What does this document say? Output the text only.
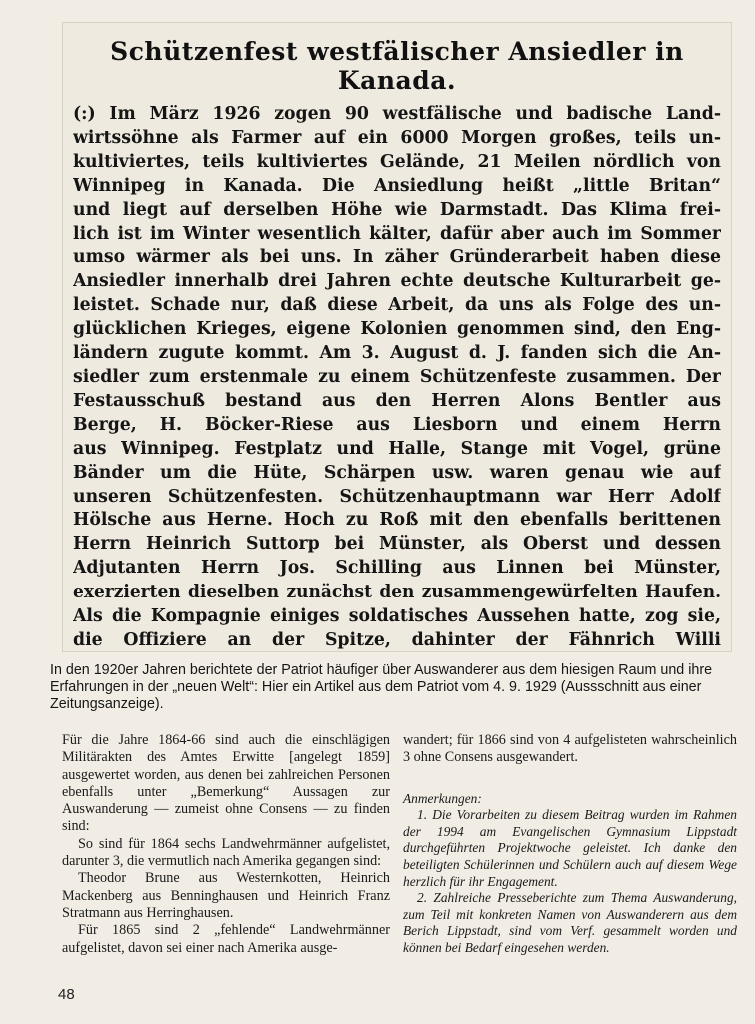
Schützenfest westfälischer Ansiedler in Kanada.
(:) Im März 1926 zogen 90 westfälische und badische Land-
wirtssöhne als Farmer auf ein 6000 Morgen großes, teils un-
kultiviertes, teils kultiviertes Gelände, 21 Meilen nördlich von
Winnipeg in Kanada. Die Ansiedlung heißt „little Britan“
und liegt auf derselben Höhe wie Darmstadt. Das Klima frei-
lich ist im Winter wesentlich kälter, dafür aber auch im Sommer
umso wärmer als bei uns. In zäher Gründerarbeit haben diese
Ansiedler innerhalb drei Jahren echte deutsche Kulturarbeit ge-
leistet. Schade nur, daß diese Arbeit, da uns als Folge des un-
glücklichen Krieges, eigene Kolonien genommen sind, den Eng-
ländern zugute kommt. Am 3. August d. J. fanden sich die An-
siedler zum erstenmale zu einem Schützenfeste zusammen. Der
Festausschuß bestand aus den Herren Alons Bentler aus
Berge, H. Böcker-Riese aus Liesborn und einem Herrn
aus Winnipeg. Festplatz und Halle, Stange mit Vogel, grüne
Bänder um die Hüte, Schärpen usw. waren genau wie auf
unseren Schützenfesten. Schützenhauptmann war Herr Adolf
Hölsche aus Herne. Hoch zu Roß mit den ebenfalls berittenen
Herrn Heinrich Suttorp bei Münster, als Oberst und dessen
Adjutanten Herrn Jos. Schilling aus Linnen bei Münster,
exerzierten dieselben zunächst den zusammengewürfelten Haufen.
Als die Kompagnie einiges soldatisches Aussehen hatte, zog sie,
die Offiziere an der Spitze, dahinter der Fähnrich Willi
In den 1920er Jahren berichtete der Patriot häufiger über Auswanderer aus dem hiesigen Raum und ihre Erfahrungen in der „neuen Welt“: Hier ein Artikel aus dem Patriot vom 4. 9. 1929 (Aussschnitt aus einer Zeitungsanzeige).

Für die Jahre 1864-66 sind auch die einschlägigen Militärakten des Amtes Erwitte [angelegt 1859] ausgewertet worden, aus denen bei zahlreichen Personen ebenfalls unter „Bemerkung“ Aussagen zur Auswanderung — zumeist ohne Consens — zu finden sind:

So sind für 1864 sechs Landwehrmänner aufgelistet, darunter 3, die vermutlich nach Amerika gegangen sind:

Theodor Brune aus Westernkotten, Heinrich Mackenberg aus Benninghausen und Heinrich Franz Stratmann aus Herringhausen.

Für 1865 sind 2 „fehlende“ Landwehrmänner aufgelistet, davon sei einer nach Amerika ausge-

wandert; für 1866 sind von 4 aufgelisteten wahrscheinlich 3 ohne Consens ausgewandert.

Anmerkungen:

1. Die Vorarbeiten zu diesem Beitrag wurden im Rahmen der 1994 am Evangelischen Gymnasium Lippstadt durchgeführten Projektwoche geleistet. Ich danke den beteiligten Schülerinnen und Schülern auch auf diesem Wege herzlich für ihr Engagement.

2. Zahlreiche Presseberichte zum Thema Auswanderung, zum Teil mit konkreten Namen von Auswanderern aus dem Berich Lippstadt, sind vom Verf. gesammelt worden und können bei Bedarf eingesehen werden.

48
